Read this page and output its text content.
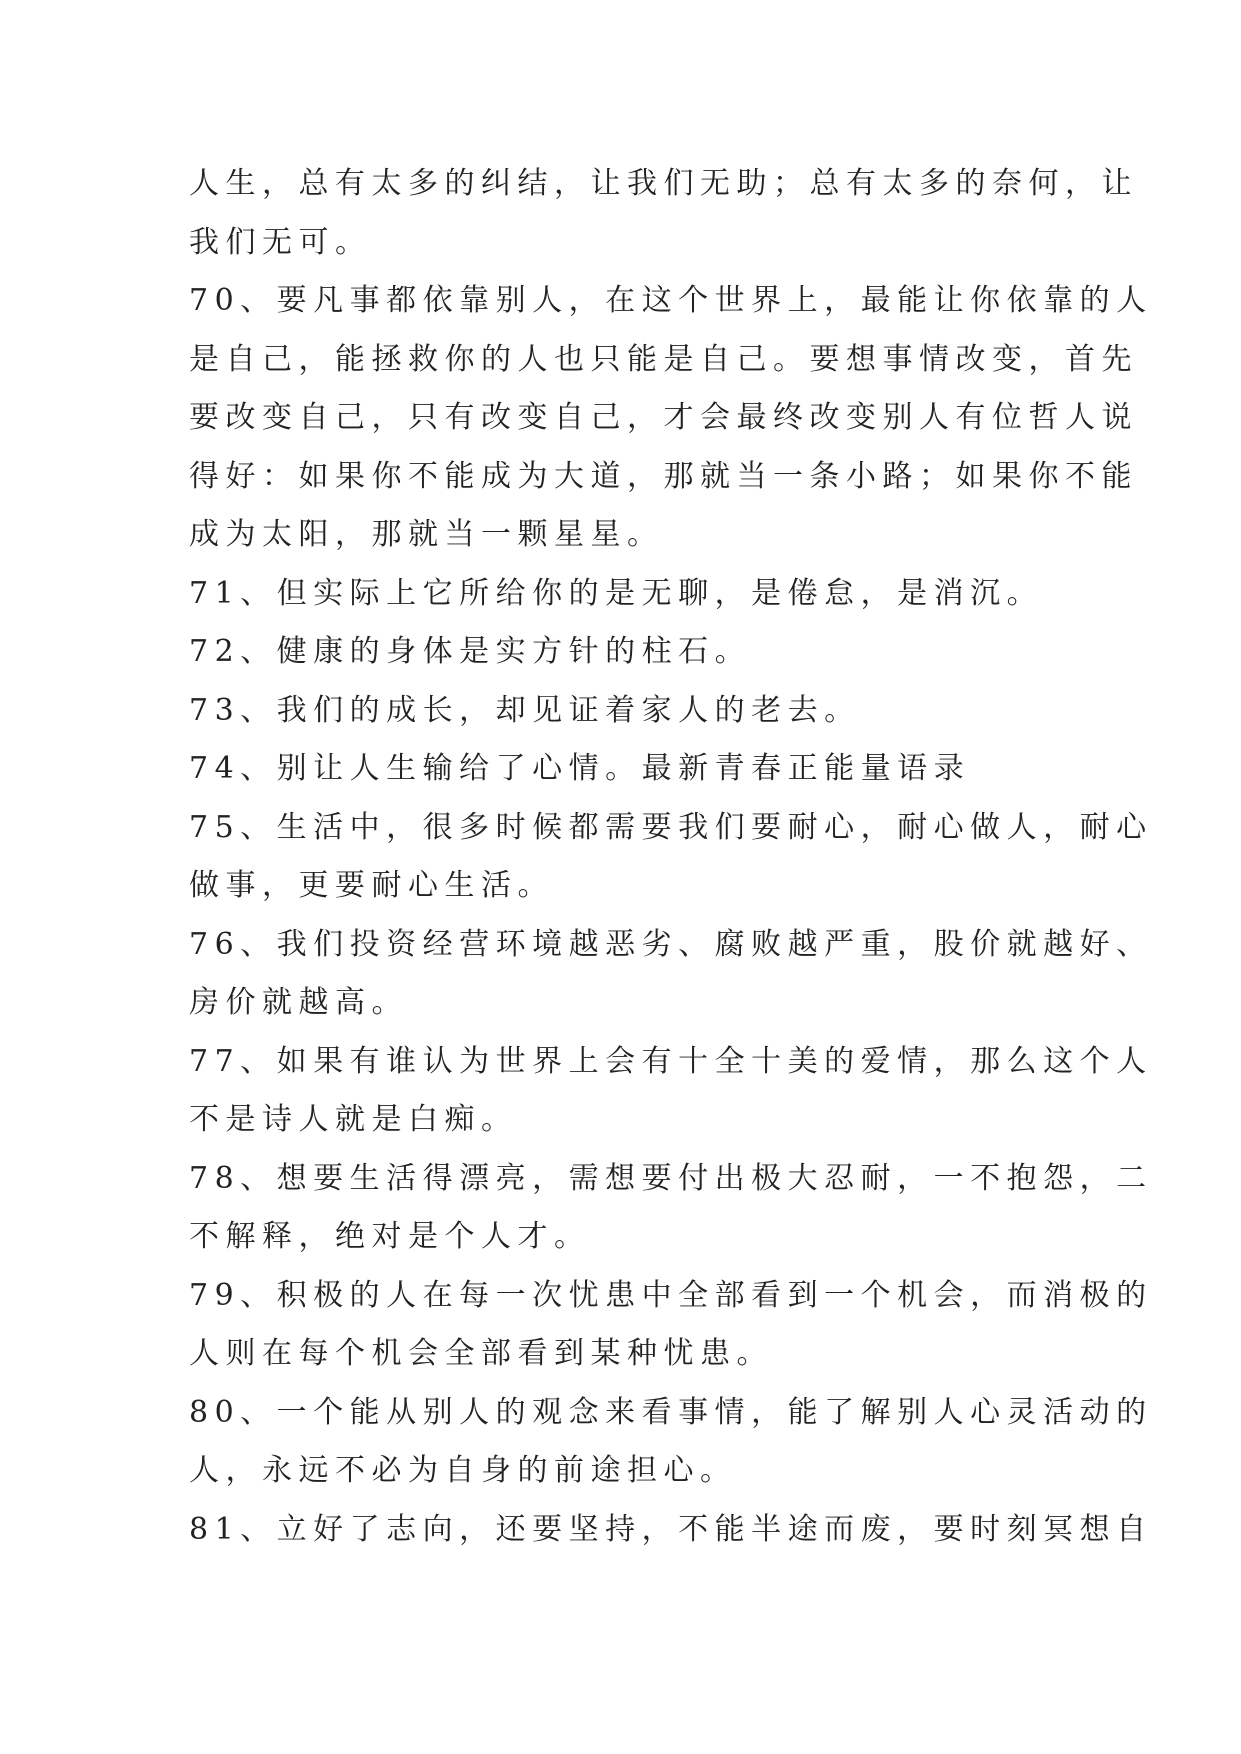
人生，总有太多的纠结，让我们无助；总有太多的奈何，让
我们无可。
70、要凡事都依靠别人，在这个世界上，最能让你依靠的人
是自己，能拯救你的人也只能是自己。要想事情改变，首先
要改变自己，只有改变自己，才会最终改变别人有位哲人说
得好：如果你不能成为大道，那就当一条小路；如果你不能
成为太阳，那就当一颗星星。
71、但实际上它所给你的是无聊，是倦怠，是消沉。
72、健康的身体是实方针的柱石。
73、我们的成长，却见证着家人的老去。
74、别让人生输给了心情。最新青春正能量语录
75、生活中，很多时候都需要我们要耐心，耐心做人，耐心
做事，更要耐心生活。
76、我们投资经营环境越恶劣、腐败越严重，股价就越好、
房价就越高。
77、如果有谁认为世界上会有十全十美的爱情，那么这个人
不是诗人就是白痴。
78、想要生活得漂亮，需想要付出极大忍耐，一不抱怨，二
不解释，绝对是个人才。
79、积极的人在每一次忧患中全部看到一个机会，而消极的
人则在每个机会全部看到某种忧患。
80、一个能从别人的观念来看事情，能了解别人心灵活动的
人，永远不必为自身的前途担心。
81、立好了志向，还要坚持，不能半途而废，要时刻冥想自
